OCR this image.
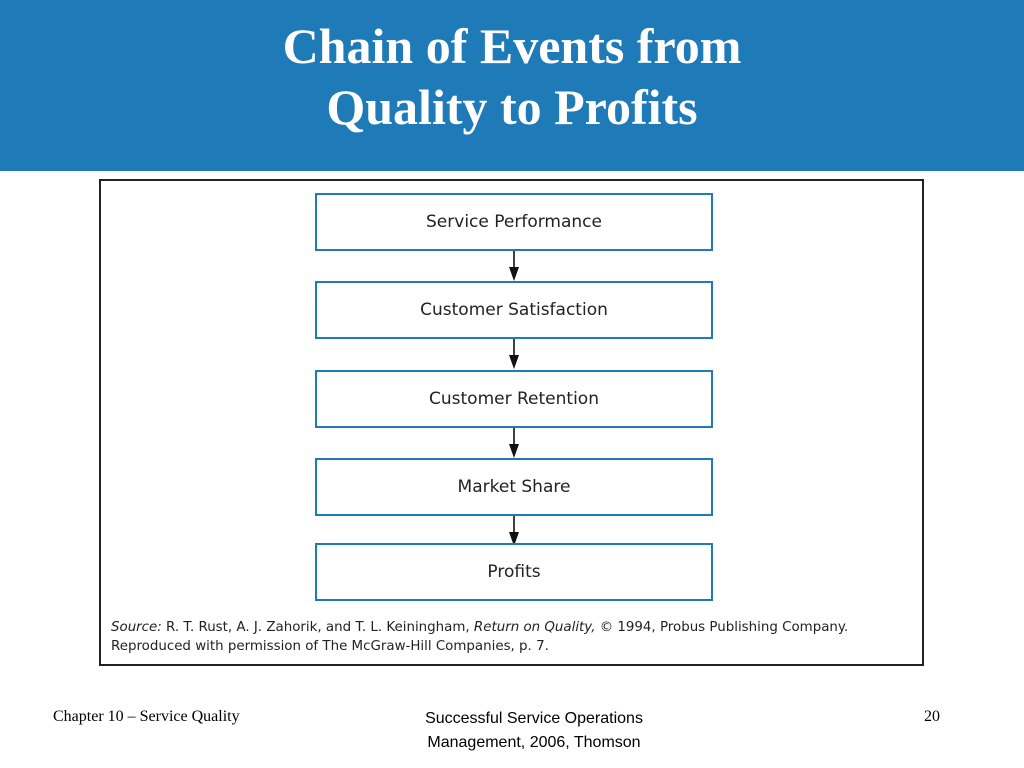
Chain of Events from
Quality to Profits
Service Performance
Customer Satisfaction
Customer Retention
Market Share
Profits
Source: R. T. Rust, A. J. Zahorik, and T. L. Keiningham, Return on Quality, © 1994, Probus Publishing Company.
Reproduced with permission of The McGraw-Hill Companies, p. 7.
Chapter 10 – Service Quality	Successful Service Operations
Management, 2006, Thomson
20
